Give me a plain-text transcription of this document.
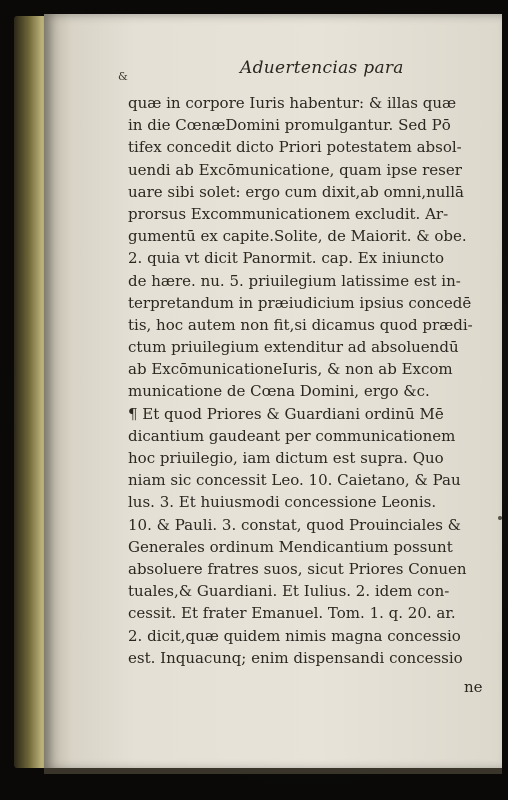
&	Aduertencias para
quæ in corpore Iuris habentur: & illas quæ
in die CœnæDomini promulgantur. Sed Pō
tifex concedit dicto Priori potestatem absol-
uendi ab Excōmunicatione, quam ipse reser
uare sibi solet: ergo cum dixit,ab omni,nullā
prorsus Excommunicationem excludit. Ar-
gumentū ex capite.Solite, de Maiorit. & obe.
2. quia vt dicit Panormit. cap. Ex iniuncto
de hære. nu. 5. priuilegium latissime est in-
terpretandum in præiudicium ipsius concedē
tis, hoc autem non fit,si dicamus quod prædi-
ctum priuilegium extenditur ad absoluendū
ab ExcōmunicationeIuris, & non ab Excom
municatione de Cœna Domini, ergo &c.
¶ Et quod Priores & Guardiani ordinū Mē
dicantium gaudeant per communicationem
hoc priuilegio, iam dictum est supra. Quo
niam sic concessit Leo. 10. Caietano, & Pau
lus. 3. Et huiusmodi concessione Leonis.
10. & Pauli. 3. constat, quod Prouinciales &
Generales ordinum Mendicantium possunt
absoluere fratres suos, sicut Priores Conuen
tuales,& Guardiani. Et Iulius. 2. idem con-
cessit. Et frater Emanuel. Tom. 1. q. 20. ar.
2. dicit,quæ quidem nimis magna concessio
est. Inquacunq; enim dispensandi concessio
ne
